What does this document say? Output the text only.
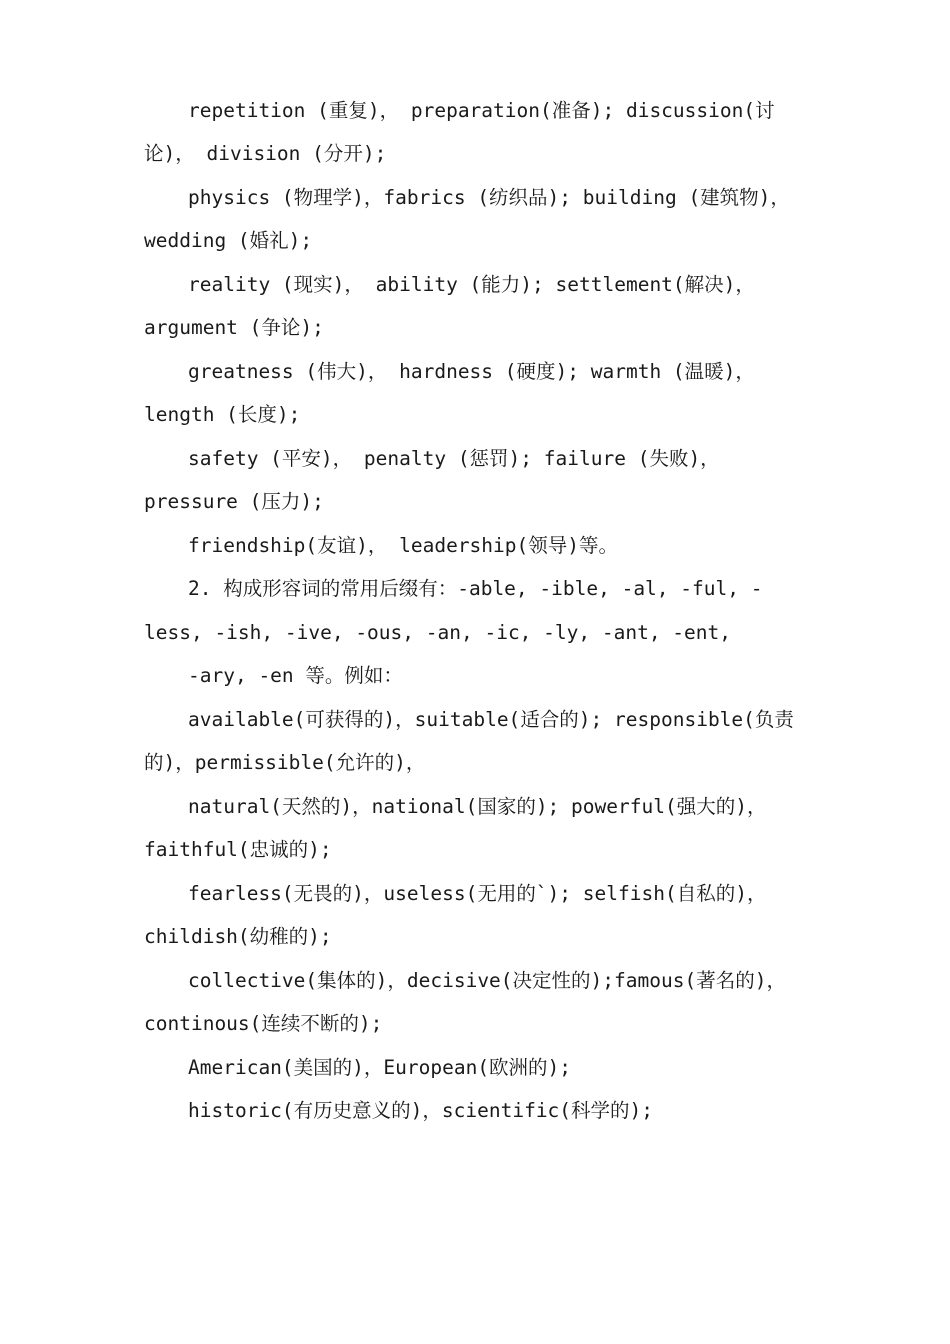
repetition (重复)， preparation(准备); discussion(讨
论)， division (分开);
physics (物理学)，fabrics (纺织品); building (建筑物)，
wedding (婚礼);
reality (现实)， ability (能力); settlement(解决)，
argument (争论);
greatness (伟大)， hardness (硬度); warmth (温暖)，
length (长度);
safety (平安)， penalty (惩罚); failure (失败)，
pressure (压力);
friendship(友谊)， leadership(领导)等。
2. 构成形容词的常用后缀有：-able, -ible, -al, -ful, -
less, -ish, -ive, -ous, -an, -ic, -ly, -ant, -ent,
-ary, -en 等。例如：
available(可获得的)，suitable(适合的); responsible(负责
的)，permissible(允许的)，
natural(天然的)，national(国家的); powerful(强大的)，
faithful(忠诚的);
fearless(无畏的)，useless(无用的`); selfish(自私的)，
childish(幼稚的);
collective(集体的)，decisive(决定性的);famous(著名的)，
continous(连续不断的);
American(美国的)，European(欧洲的);
historic(有历史意义的)，scientific(科学的);
